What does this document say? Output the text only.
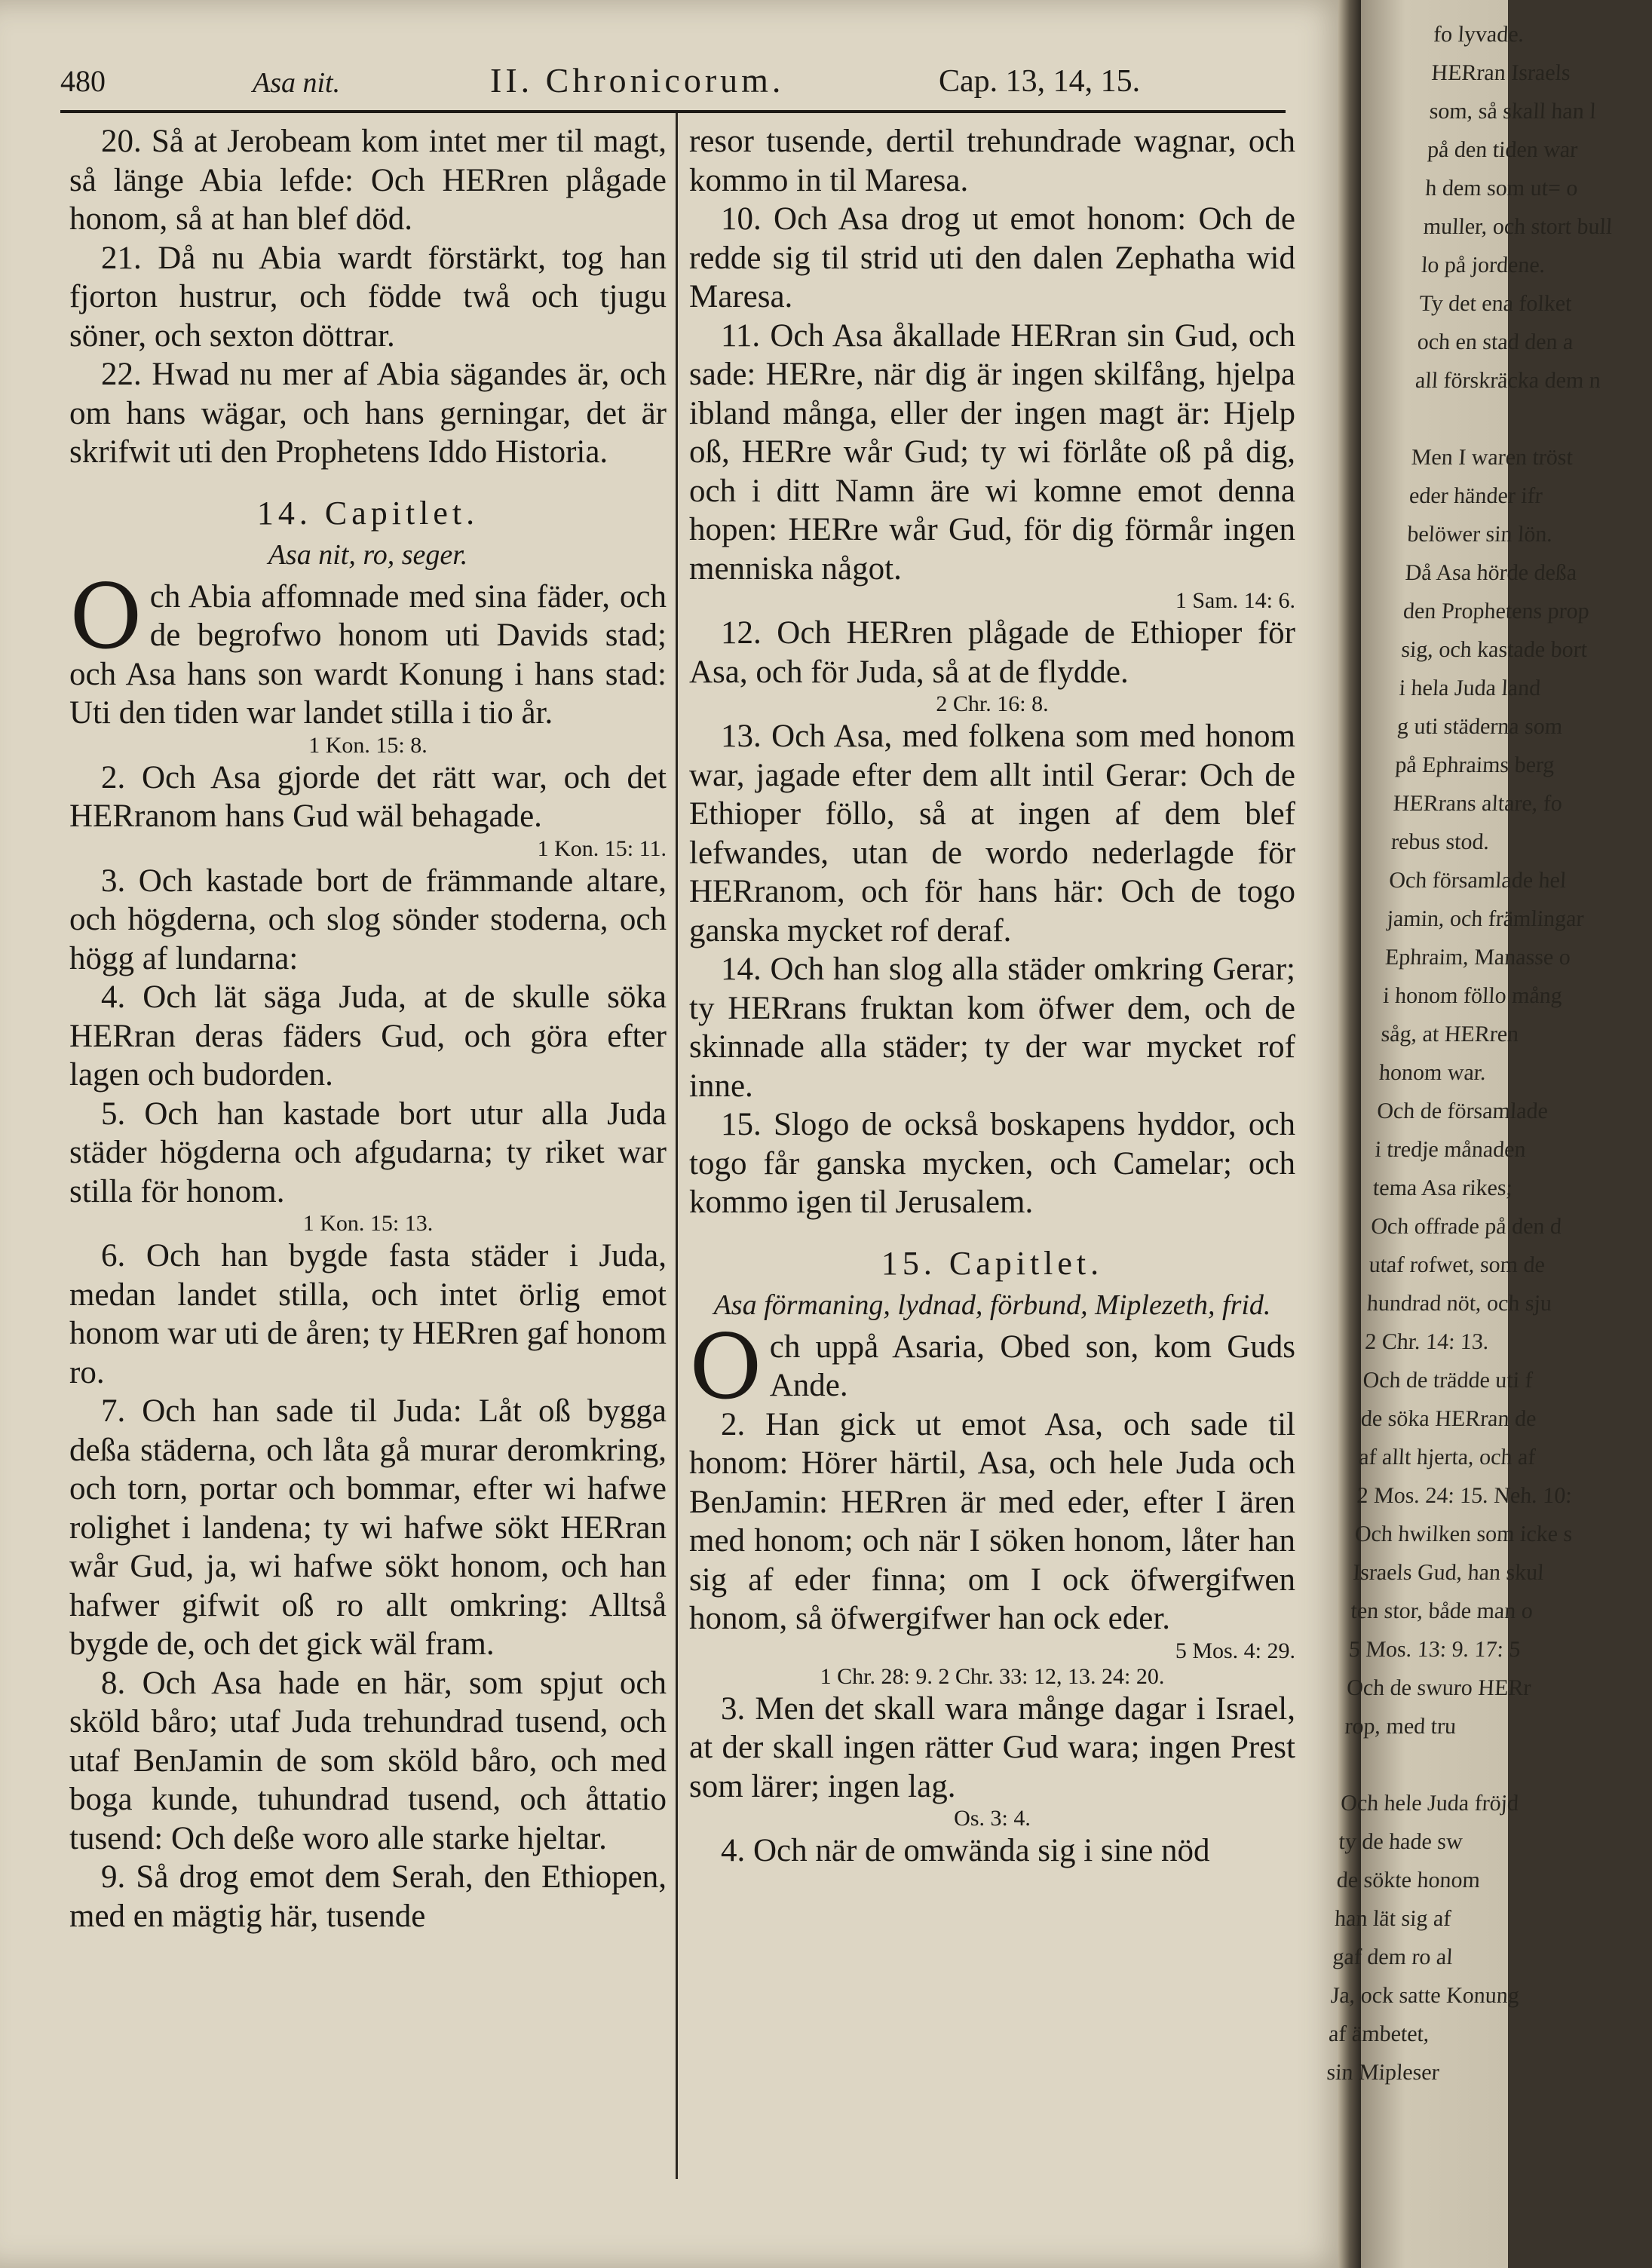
480	Asa nit.	II. Chronicorum.	Cap. 13, 14, 15.

20. Så at Jerobeam kom intet mer til magt, så länge Abia lefde: Och HERren plågade honom, så at han blef död.

21. Då nu Abia wardt förstärkt, tog han fjorton hustrur, och födde twå och tjugu söner, och sexton döttrar.

22. Hwad nu mer af Abia sägandes är, och om hans wägar, och hans gerningar, det är skrifwit uti den Prophetens Iddo Historia.

14. Capitlet.

Asa nit, ro, seger.

Och Abia affomnade med sina fäder, och de begrofwo honom uti Davids stad; och Asa hans son wardt Konung i hans stad: Uti den tiden war landet stilla i tio år.

1 Kon. 15: 8.

2. Och Asa gjorde det rätt war, och det HERranom hans Gud wäl behagade.

1 Kon. 15: 11.

3. Och kastade bort de främmande altare, och högderna, och slog sönder stoderna, och högg af lundarna:

4. Och lät säga Juda, at de skulle söka HERran deras fäders Gud, och göra efter lagen och budorden.

5. Och han kastade bort utur alla Juda städer högderna och afgudarna; ty riket war stilla för honom.

1 Kon. 15: 13.

6. Och han bygde fasta städer i Juda, medan landet stilla, och intet örlig emot honom war uti de åren; ty HERren gaf honom ro.

7. Och han sade til Juda: Låt oß bygga deßa städerna, och låta gå murar deromkring, och torn, portar och bommar, efter wi hafwe rolighet i landena; ty wi hafwe sökt HERran wår Gud, ja, wi hafwe sökt honom, och han hafwer gifwit oß ro allt omkring: Alltså bygde de, och det gick wäl fram.

8. Och Asa hade en här, som spjut och sköld båro; utaf Juda trehundrad tusend, och utaf BenJamin de som sköld båro, och med boga kunde, tuhundrad tusend, och åttatio tusend: Och deße woro alle starke hjeltar.

9. Så drog emot dem Serah, den Ethiopen, med en mägtig här, tusende

resor tusende, dertil trehundrade wagnar, och kommo in til Maresa.

10. Och Asa drog ut emot honom: Och de redde sig til strid uti den dalen Zephatha wid Maresa.

11. Och Asa åkallade HERran sin Gud, och sade: HERre, när dig är ingen skilfång, hjelpa ibland många, eller der ingen magt är: Hjelp oß, HERre wår Gud; ty wi förlåte oß på dig, och i ditt Namn äre wi komne emot denna hopen: HERre wår Gud, för dig förmår ingen menniska något.

1 Sam. 14: 6.

12. Och HERren plågade de Ethioper för Asa, och för Juda, så at de flydde.

2 Chr. 16: 8.

13. Och Asa, med folkena som med honom war, jagade efter dem allt intil Gerar: Och de Ethioper föllo, så at ingen af dem blef lefwandes, utan de wordo nederlagde för HERranom, och för hans här: Och de togo ganska mycket rof deraf.

14. Och han slog alla städer omkring Gerar; ty HERrans fruktan kom öfwer dem, och de skinnade alla städer; ty der war mycket rof inne.

15. Slogo de också boskapens hyddor, och togo får ganska mycken, och Camelar; och kommo igen til Jerusalem.

15. Capitlet.

Asa förmaning, lydnad, förbund, Miplezeth, frid.

Och uppå Asaria, Obed son, kom Guds Ande.

2. Han gick ut emot Asa, och sade til honom: Hörer härtil, Asa, och hele Juda och BenJamin: HERren är med eder, efter I ären med honom; och när I söken honom, låter han sig af eder finna; om I ock öfwergifwen honom, så öfwergifwer han ock eder.

5 Mos. 4: 29.

1 Chr. 28: 9. 2 Chr. 33: 12, 13. 24: 20.

3. Men det skall wara månge dagar i Israel, at der skall ingen rätter Gud wara; ingen Prest som lärer; ingen lag.

Os. 3: 4.

4. Och när de omwända sig i sine nöd

fo lyvade.
HERran Israels
som, så skall han l
på den tiden war
h dem som ut= o
muller, och stort bull
lo på jordene.
Ty det ena folket
och en stad den a
all förskräcka dem n

Men I waren tröst
eder händer ifr
belöwer sin lön.
Då Asa hörde deßa
den Prophetens prop
sig, och kastade bort
i hela Juda land
g uti städerna som
på Ephraims berg
HERrans altare, fo
rebus stod.
Och församlade hel
jamin, och främlingar
Ephraim, Manasse o
i honom föllo mång
såg, at HERren
honom war.
Och de församlade
i tredje månaden
tema Asa rikes;
Och offrade på den d
utaf rofwet, som de
hundrad nöt, och sju
2 Chr. 14: 13.
Och de trädde uti f
de söka HERran de
af allt hjerta, och af
2 Mos. 24: 15. Neh. 10:
Och hwilken som icke s
Israels Gud, han skul
ten stor, både man o
5 Mos. 13: 9. 17: 5
Och de swuro HERr
rop, med tru

Och hele Juda fröjd
ty de hade sw
de sökte honom
han lät sig af
gaf dem ro al
Ja, ock satte Konung
af ämbetet,
sin Mipleser
